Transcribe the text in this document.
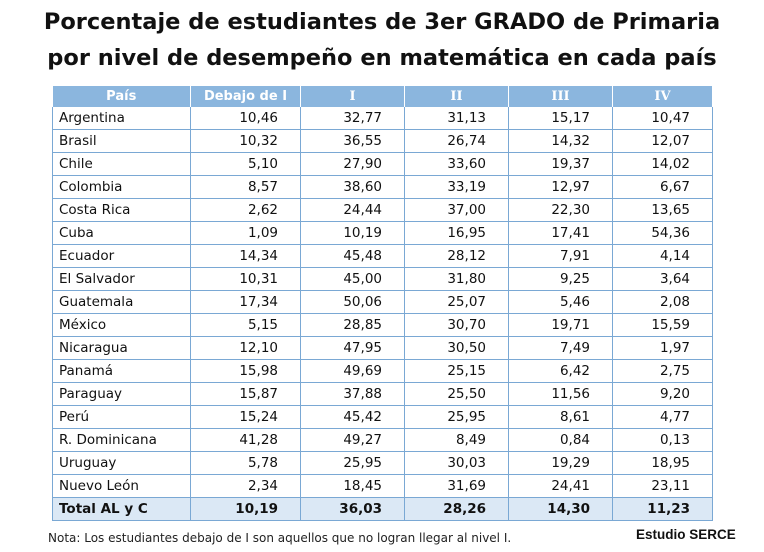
Porcentaje de estudiantes de 3er GRADO de Primaria
por nivel de desempeño en matemática en cada país
País	Debajo de I	I	II	III	IV
Argentina	10,46	32,77	31,13	15,17	10,47
Brasil	10,32	36,55	26,74	14,32	12,07
Chile	5,10	27,90	33,60	19,37	14,02
Colombia	8,57	38,60	33,19	12,97	6,67
Costa Rica	2,62	24,44	37,00	22,30	13,65
Cuba	1,09	10,19	16,95	17,41	54,36
Ecuador	14,34	45,48	28,12	7,91	4,14
El Salvador	10,31	45,00	31,80	9,25	3,64
Guatemala	17,34	50,06	25,07	5,46	2,08
México	5,15	28,85	30,70	19,71	15,59
Nicaragua	12,10	47,95	30,50	7,49	1,97
Panamá	15,98	49,69	25,15	6,42	2,75
Paraguay	15,87	37,88	25,50	11,56	9,20
Perú	15,24	45,42	25,95	8,61	4,77
R. Dominicana	41,28	49,27	8,49	0,84	0,13
Uruguay	5,78	25,95	30,03	19,29	18,95
Nuevo León	2,34	18,45	31,69	24,41	23,11
Total AL y C	10,19	36,03	28,26	14,30	11,23
Nota: Los estudiantes debajo de I son aquellos que no logran llegar al nivel I.	Estudio SERCE
